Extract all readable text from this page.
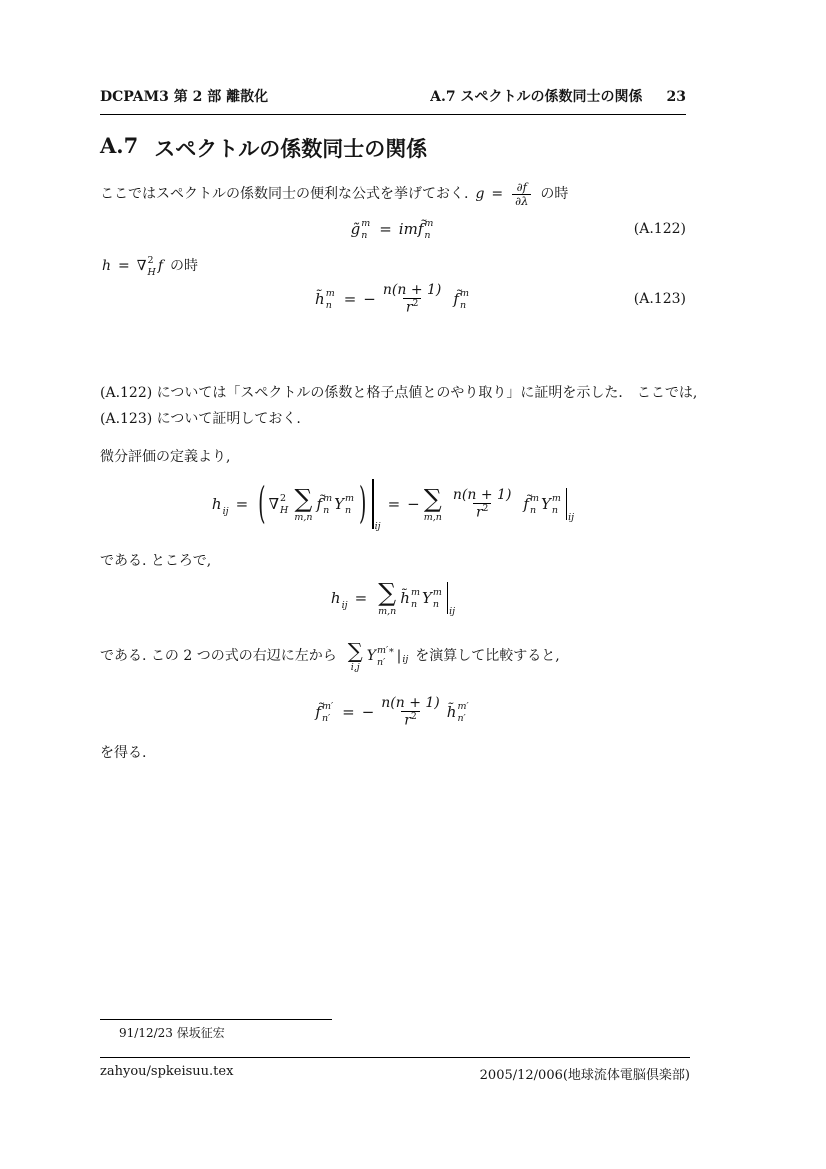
DCPAM3 第 2 部 離散化	A.7 スペクトルの係数同士の関係 23
A.7 スペクトルの係数同士の関係
ここではスペクトルの係数同士の便利な公式を挙げておく. $g = \frac{\partial f}{\partial\lambda}$ の時
g̃ m
n = im f̃ m
n	(A.122)
h = ∇ 2
H f の時
h̃ m
n = − $\frac{n(n + 1)}{r^2}$ f̃ m
n	(A.123)
(A.122) については「スペクトルの係数と格子点値とのやり取り」に証明を示した． ここでは,
(A.123) について証明しておく.
微分評価の定義より,
h ij = ( ∇ 2
H ∑
m,n
f̃ m
n Y m
n ) ij
= − ∑
$m,n \frac{n(n + 1)}{r^2}$ f̃ m
n Y m
n
ij
である. ところで,
h ij = ∑
m,n
h̃ m
n Y m
n
ij
である. この 2 つの式の右辺に左から ∑
i,j
Y m′∗
n′ | ij を演算して比較すると,
f̃ m′
n′ = − $\frac{n(n + 1)}{r^2}$ h̃ m′
n′
を得る.
91/12/23 保坂征宏
zahyou/spkeisuu.tex	2005/12/006(地球流体電脳倶楽部)
